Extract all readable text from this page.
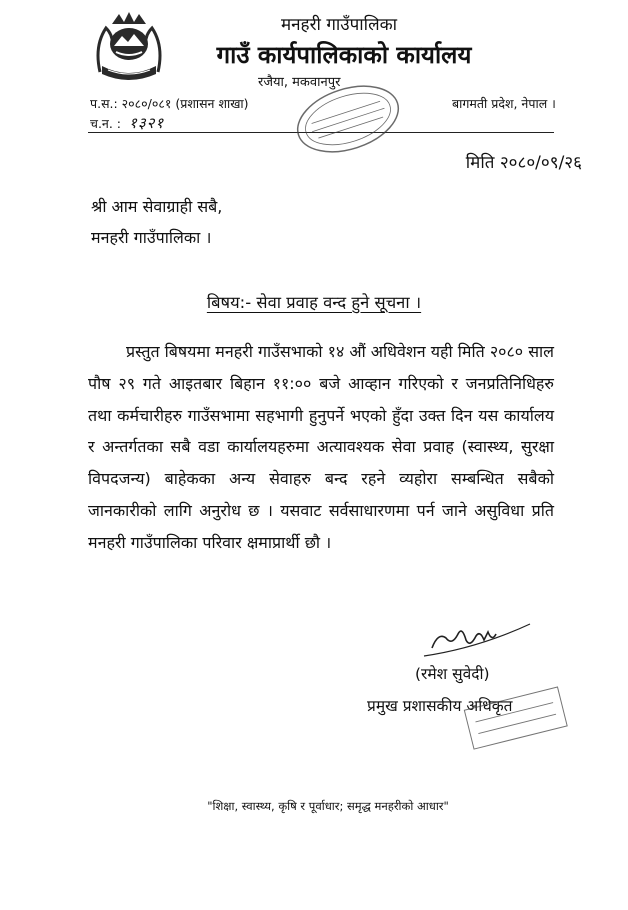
मनहरी गाउँपालिका
गाउँ कार्यपालिकाको कार्यालय
रजैया, मकवानपुर
प.स.: २०८०/०८१ (प्रशासन शाखा)
च.न. : १३२१
बागमती प्रदेश, नेपाल ।
मिति २०८०/०९/२६
श्री आम सेवाग्राही सबै,
मनहरी गाउँपालिका ।
बिषय:- सेवा प्रवाह वन्द हुने सूचना ।

प्रस्तुत बिषयमा मनहरी गाउँसभाको १४ औं अधिवेशन यही मिति २०८० साल पौष २९ गते आइतबार बिहान ११:०० बजे आव्हान गरिएको र जनप्रतिनिधिहरु तथा कर्मचारीहरु गाउँसभामा सहभागी हुनुपर्ने भएकाे हुँदा उक्त दिन यस कार्यालय र अन्तर्गतका सबै वडा कार्यालयहरुमा अत्यावश्यक सेवा प्रवाह (स्वास्थ्य, सुरक्षा विपदजन्य) बाहेकका अन्य सेवाहरु बन्द रहने व्यहोरा सम्बन्धित सबैको जानकारीको लागि अनुरोध छ । यसवाट सर्वसाधारणमा पर्न जाने असुविधा प्रति मनहरी गाउँपालिका परिवार क्षमाप्रार्थी छौ ।

(रमेश सुवेदी)
प्रमुख प्रशासकीय अधिकृत
"शिक्षा, स्वास्थ्य, कृषि र पूर्वाधार; समृद्ध मनहरीको आधार"
